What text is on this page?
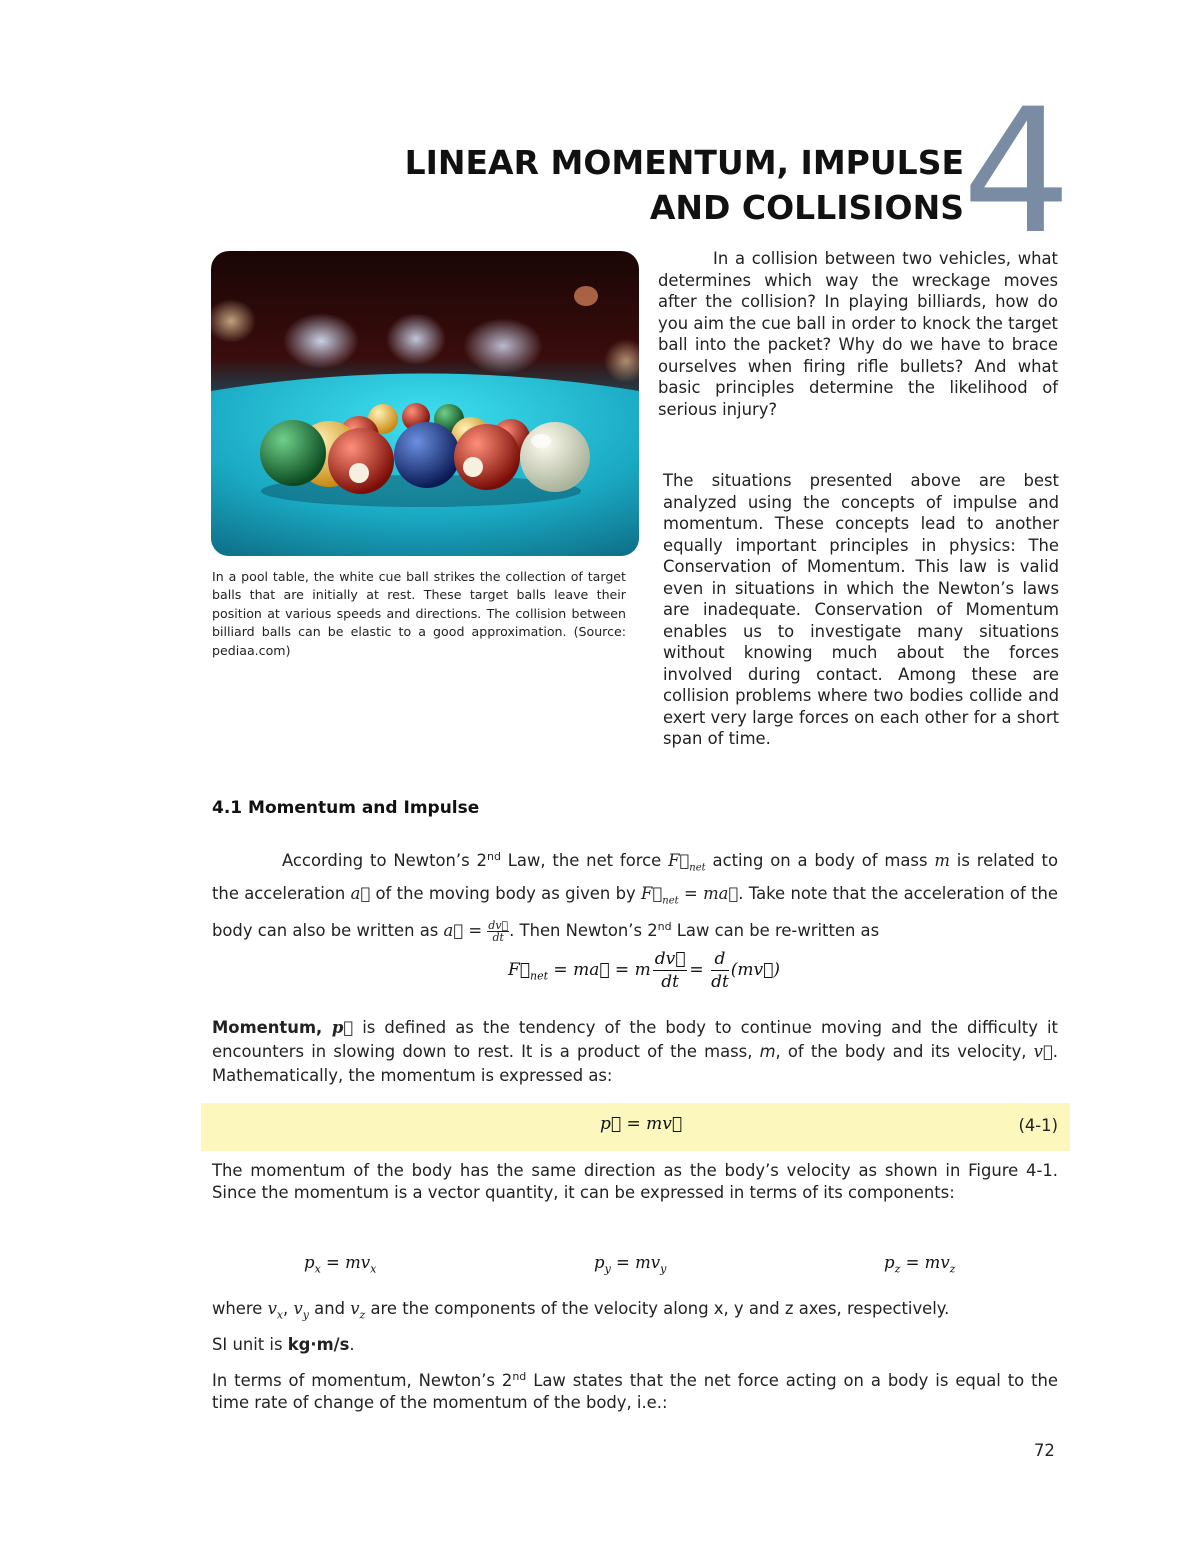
LINEAR MOMENTUM, IMPULSE
AND COLLISIONS
4
In a pool table, the white cue ball strikes the collection of target balls that are initially at rest. These target balls leave their position at various speeds and directions. The collision between billiard balls can be elastic to a good approximation. (Source: pediaa.com)
In a collision between two vehicles, what determines which way the wreckage moves after the collision? In playing billiards, how do you aim the cue ball in order to knock the target ball into the packet? Why do we have to brace ourselves when firing rifle bullets? And what basic principles determine the likelihood of serious injury?
The situations presented above are best analyzed using the concepts of impulse and momentum. These concepts lead to another equally important principles in physics: The Conservation of Momentum. This law is valid even in situations in which the Newton’s laws are inadequate. Conservation of Momentum enables us to investigate many situations without knowing much about the forces involved during contact. Among these are collision problems where two bodies collide and exert very large forces on each other for a short span of time.
4.1 Momentum and Impulse
According to Newton’s 2nd Law, the net force $F⃗_{net}$ acting on a body of mass m is related to the acceleration a⃗ of the moving body as given by $F⃗_{net}$ = ma⃗. Take note that the acceleration of the body can also be written as a⃗ = $\frac{dv⃗}{dt}$ . Then Newton’s 2nd Law can be re-written as
$F⃗_{net}$ = ma⃗ = m $\frac{dv⃗}{dt} = \frac{d}{dt}$ (mv⃗)
Momentum, p⃗ is defined as the tendency of the body to continue moving and the difficulty it encounters in slowing down to rest. It is a product of the mass, m, of the body and its velocity, v⃗. Mathematically, the momentum is expressed as:
p⃗ = mv⃗	(4-1)
The momentum of the body has the same direction as the body’s velocity as shown in Figure 4-1. Since the momentum is a vector quantity, it can be expressed in terms of its components:
$p_x = mv_x$	$p_y = mv_y$	$p_z = mv_z$
where $v_x$, $v_y$ and $v_z$ are the components of the velocity along x, y and z axes, respectively.
SI unit is kg·m/s.
In terms of momentum, Newton’s 2nd Law states that the net force acting on a body is equal to the time rate of change of the momentum of the body, i.e.:
72
